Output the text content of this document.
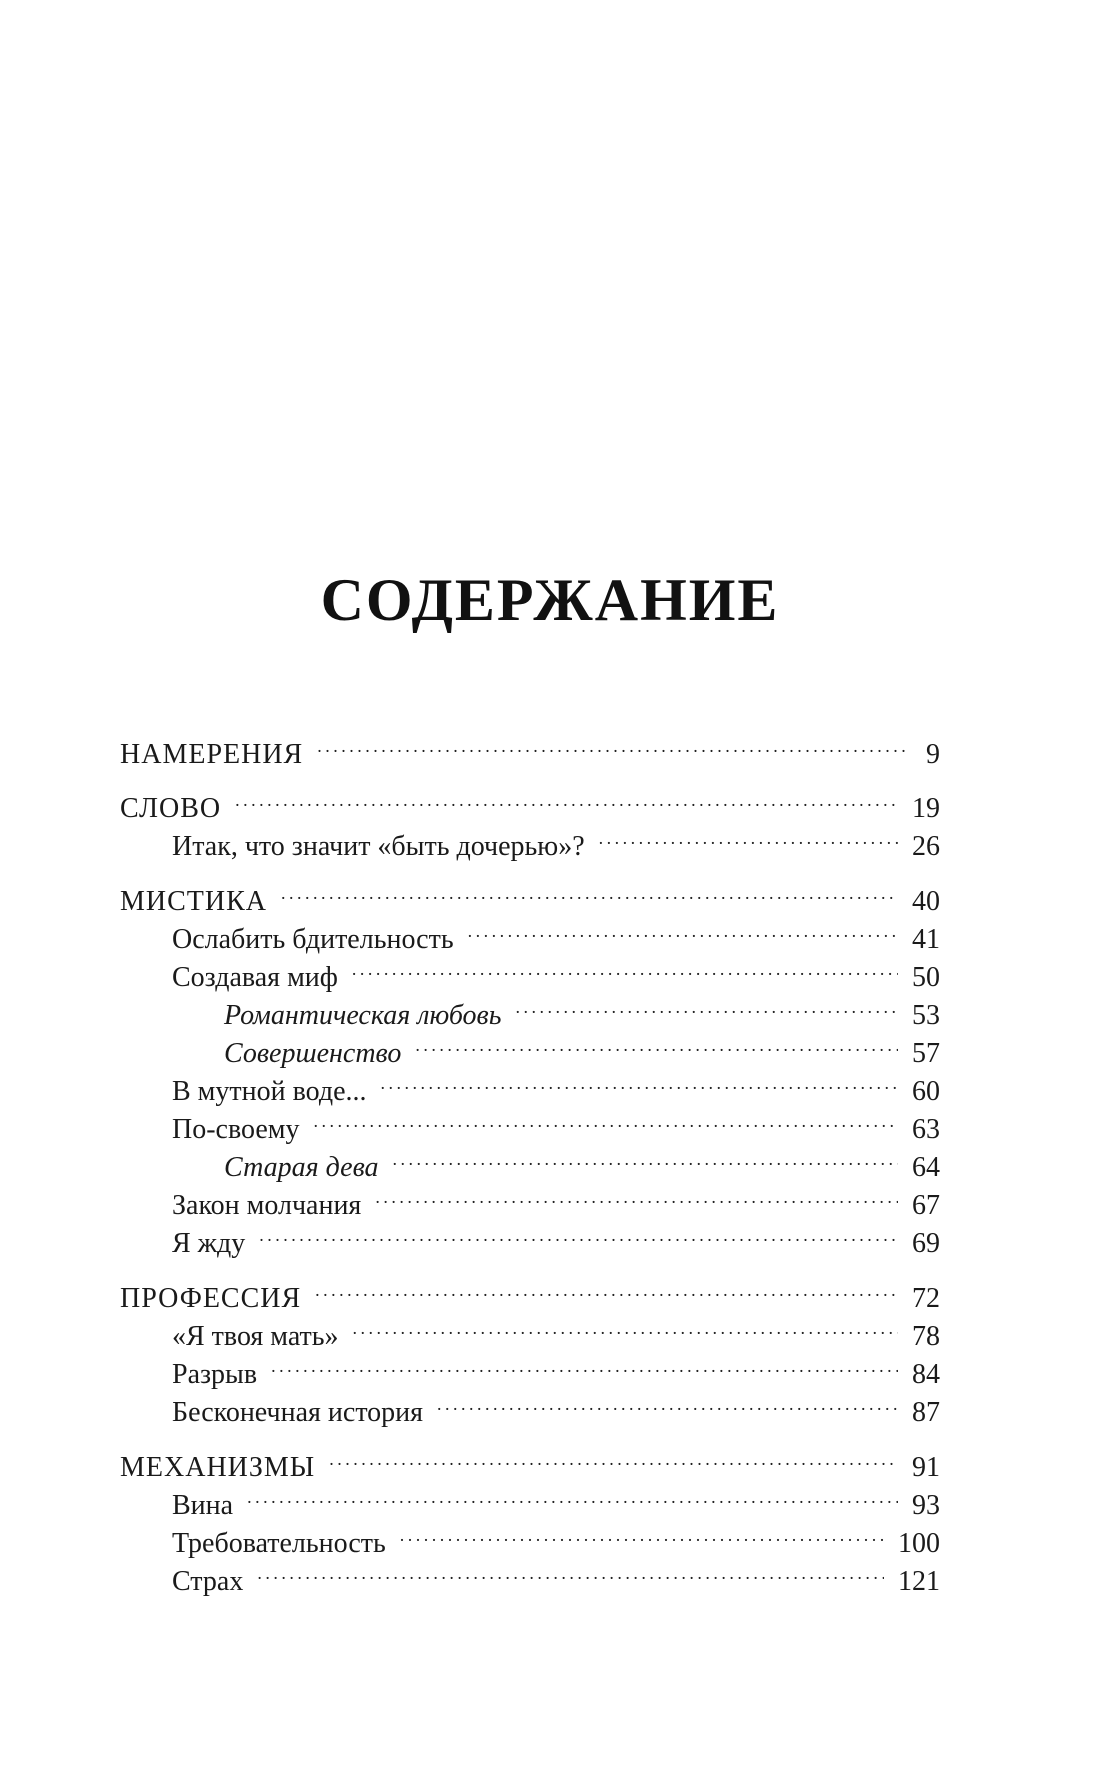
СОДЕРЖАНИЕ
НАМЕРЕНИЯ . . .	9
СЛОВО . . .	19
Итак, что значит «быть дочерью»? . . .	26
МИСТИКА . . .	40
Ослабить бдительность . . .	41
Создавая миф . . .	50
Романтическая любовь . . .	53
Совершенство . . .	57
В мутной воде... . . .	60
По-своему . . .	63
Старая дева . . .	64
Закон молчания . . .	67
Я жду . . .	69
ПРОФЕССИЯ . . .	72
«Я твоя мать» . . .	78
Разрыв . . .	84
Бесконечная история . . .	87
МЕХАНИЗМЫ . . .	91
Вина . . .	93
Требовательность . . .	100
Страх . . .	121
